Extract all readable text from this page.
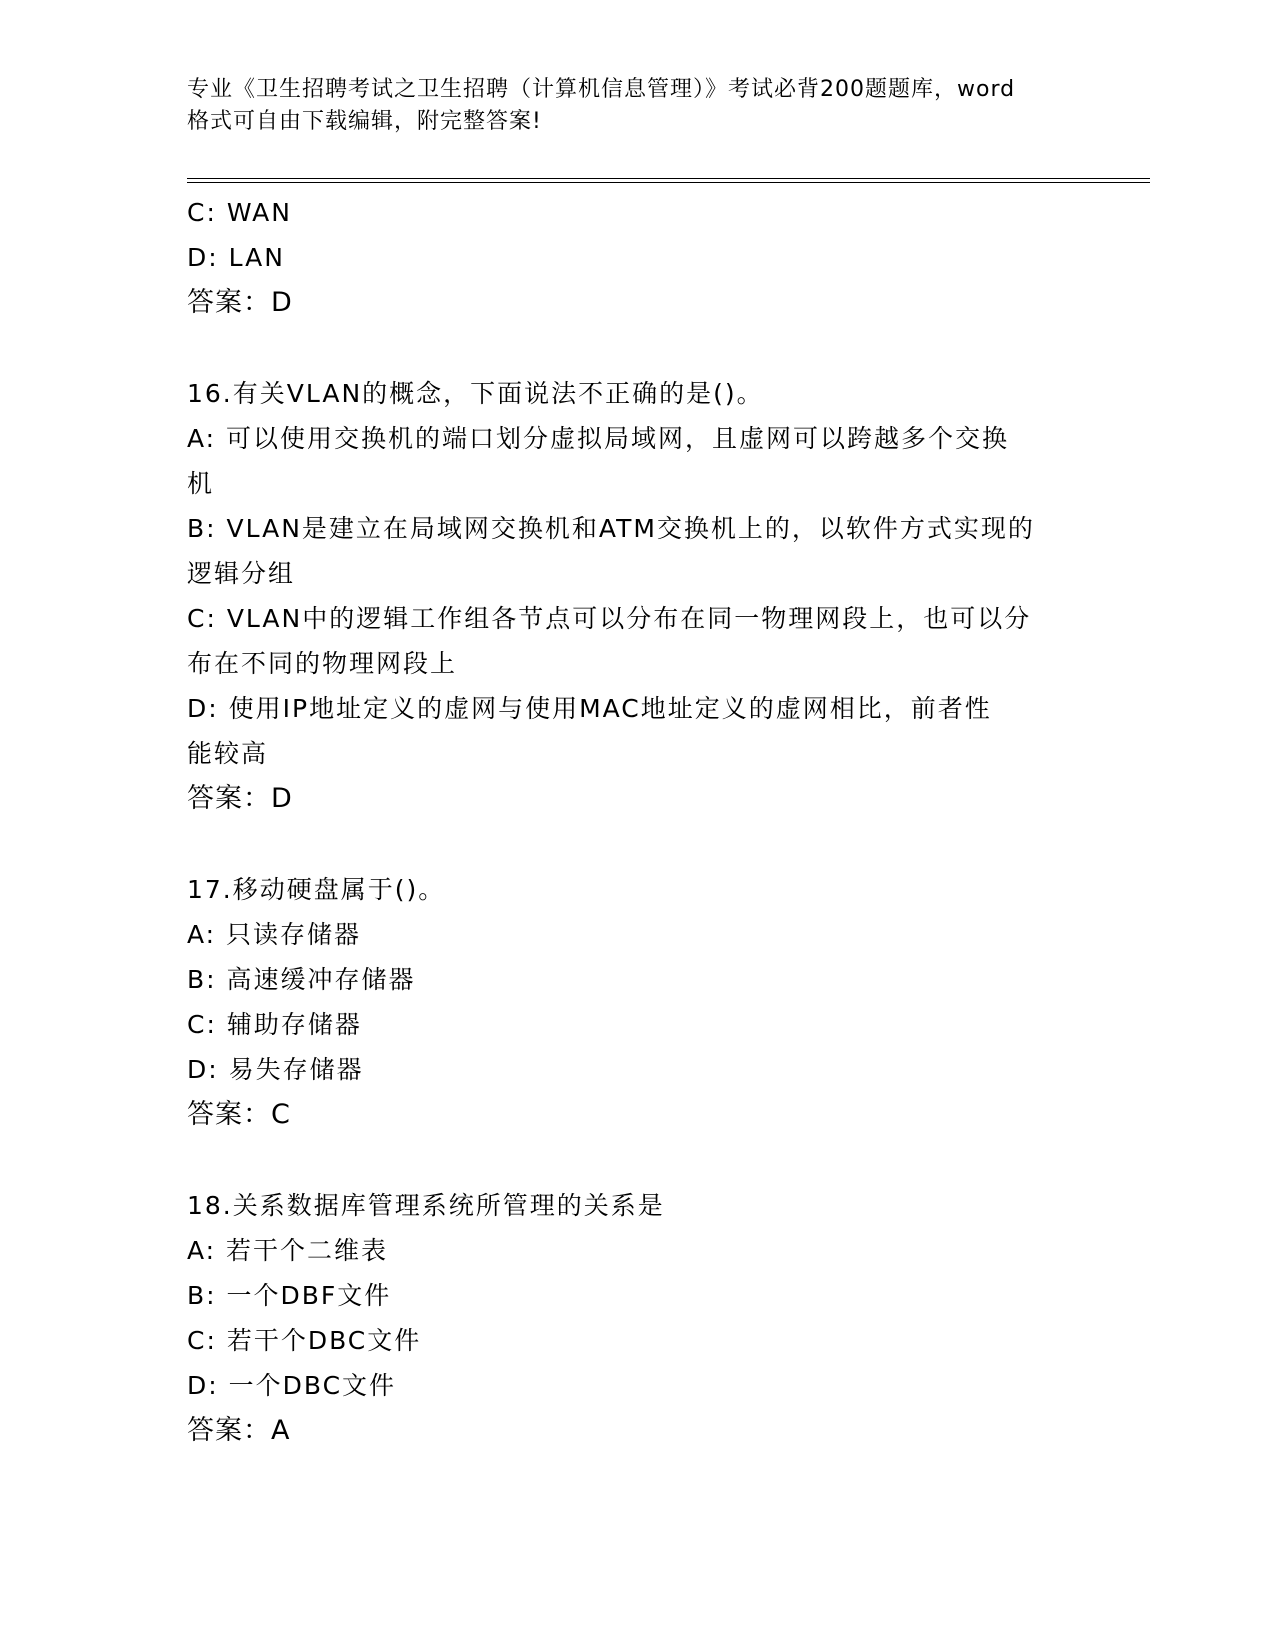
专业《卫生招聘考试之卫生招聘（计算机信息管理）》考试必背200题题库，word
格式可自由下载编辑，附完整答案!
C: WAN
D: LAN
答案：D
16.有关VLAN的概念，下面说法不正确的是()。
A: 可以使用交换机的端口划分虚拟局域网，且虚网可以跨越多个交换
机
B: VLAN是建立在局域网交换机和ATM交换机上的，以软件方式实现的
逻辑分组
C: VLAN中的逻辑工作组各节点可以分布在同一物理网段上，也可以分
布在不同的物理网段上
D: 使用IP地址定义的虚网与使用MAC地址定义的虚网相比，前者性
能较高
答案：D
17.移动硬盘属于()。
A: 只读存储器
B: 高速缓冲存储器
C: 辅助存储器
D: 易失存储器
答案：C
18.关系数据库管理系统所管理的关系是
A: 若干个二维表
B: 一个DBF文件
C: 若干个DBC文件
D: 一个DBC文件
答案：A
